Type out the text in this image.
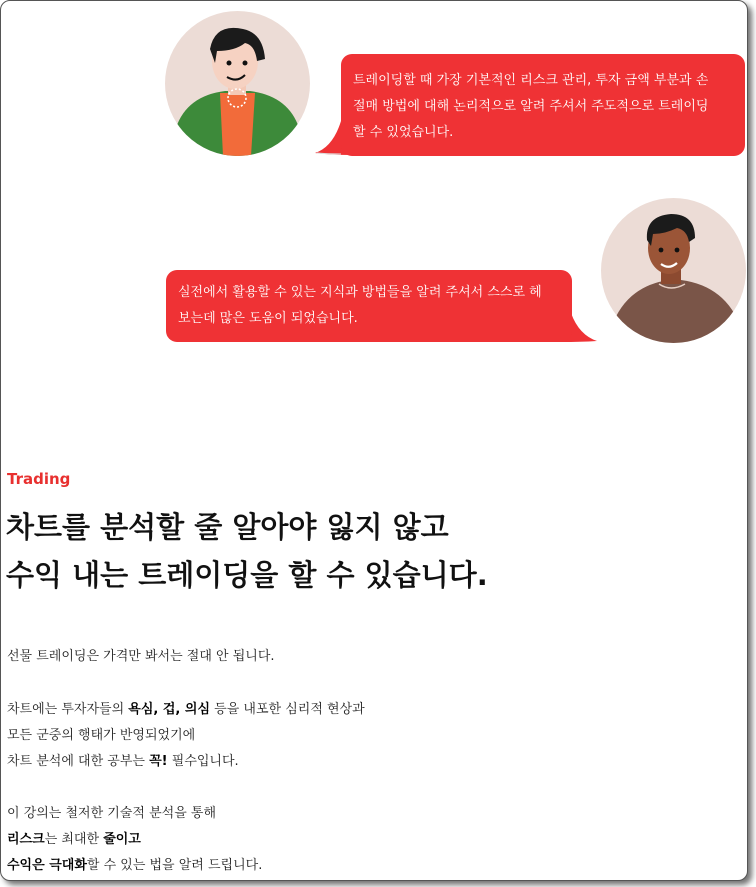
트레이딩할 때 가장 기본적인 리스크 관리, 투자 금액 부분과 손
절매 방법에 대해 논리적으로 알려 주셔서 주도적으로 트레이딩
할 수 있었습니다.
실전에서 활용할 수 있는 지식과 방법들을 알려 주셔서 스스로 헤
보는데 많은 도움이 되었습니다.
Trading
차트를 분석할 줄 알아야 잃지 않고
수익 내는 트레이딩을 할 수 있습니다.
선물 트레이딩은 가격만 봐서는 절대 안 됩니다.
차트에는 투자자들의 욕심, 겁, 의심 등을 내포한 심리적 현상과
모든 군중의 행태가 반영되었기에
차트 분석에 대한 공부는 꼭! 필수입니다.
이 강의는 철저한 기술적 분석을 통해
리스크는 최대한 줄이고
수익은 극대화할 수 있는 법을 알려 드립니다.
